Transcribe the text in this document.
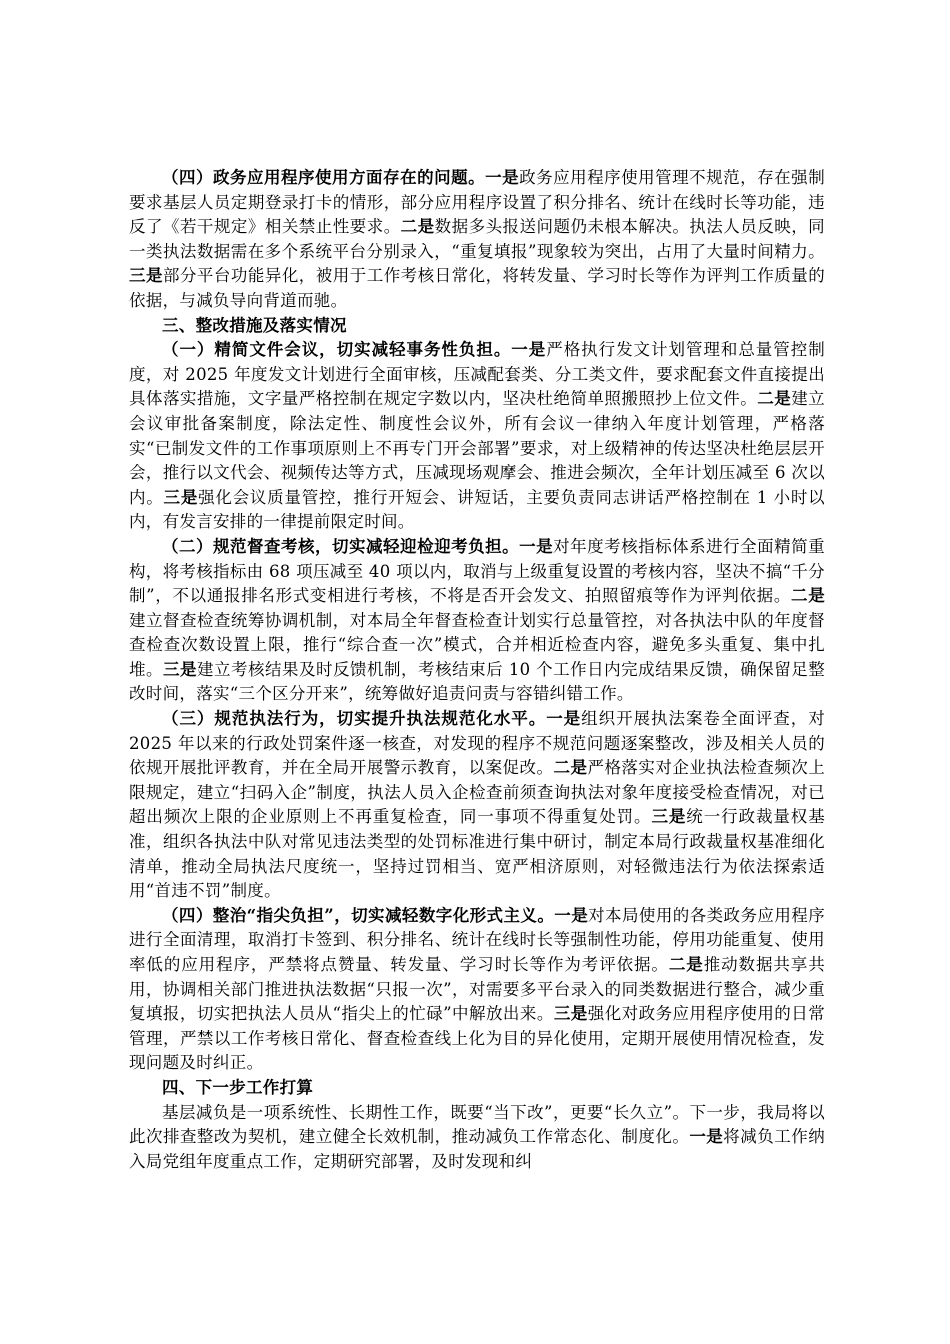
（四）政务应用程序使用方面存在的问题。一是政务应用程序使用管理不规范，存在强制要求基层人员定期登录打卡的情形，部分应用程序设置了积分排名、统计在线时长等功能，违反了《若干规定》相关禁止性要求。二是数据多头报送问题仍未根本解决。执法人员反映，同一类执法数据需在多个系统平台分别录入，“重复填报”现象较为突出，占用了大量时间精力。三是部分平台功能异化，被用于工作考核日常化，将转发量、学习时长等作为评判工作质量的依据，与减负导向背道而驰。

三、整改措施及落实情况

（一）精简文件会议，切实减轻事务性负担。一是严格执行发文计划管理和总量管控制度，对 2025 年度发文计划进行全面审核，压减配套类、分工类文件，要求配套文件直接提出具体落实措施，文字量严格控制在规定字数以内，坚决杜绝简单照搬照抄上位文件。二是建立会议审批备案制度，除法定性、制度性会议外，所有会议一律纳入年度计划管理，严格落实“已制发文件的工作事项原则上不再专门开会部署”要求，对上级精神的传达坚决杜绝层层开会，推行以文代会、视频传达等方式，压减现场观摩会、推进会频次，全年计划压减至 6 次以内。三是强化会议质量管控，推行开短会、讲短话，主要负责同志讲话严格控制在 1 小时以内，有发言安排的一律提前限定时间。

（二）规范督查考核，切实减轻迎检迎考负担。一是对年度考核指标体系进行全面精简重构，将考核指标由 68 项压减至 40 项以内，取消与上级重复设置的考核内容，坚决不搞“千分制”，不以通报排名形式变相进行考核，不将是否开会发文、拍照留痕等作为评判依据。二是建立督查检查统筹协调机制，对本局全年督查检查计划实行总量管控，对各执法中队的年度督查检查次数设置上限，推行“综合查一次”模式，合并相近检查内容，避免多头重复、集中扎堆。三是建立考核结果及时反馈机制，考核结束后 10 个工作日内完成结果反馈，确保留足整改时间，落实“三个区分开来”，统筹做好追责问责与容错纠错工作。

（三）规范执法行为，切实提升执法规范化水平。一是组织开展执法案卷全面评查，对 2025 年以来的行政处罚案件逐一核查，对发现的程序不规范问题逐案整改，涉及相关人员的依规开展批评教育，并在全局开展警示教育，以案促改。二是严格落实对企业执法检查频次上限规定，建立“扫码入企”制度，执法人员入企检查前须查询执法对象年度接受检查情况，对已超出频次上限的企业原则上不再重复检查，同一事项不得重复处罚。三是统一行政裁量权基准，组织各执法中队对常见违法类型的处罚标准进行集中研讨，制定本局行政裁量权基准细化清单，推动全局执法尺度统一，坚持过罚相当、宽严相济原则，对轻微违法行为依法探索适用“首违不罚”制度。

（四）整治“指尖负担”，切实减轻数字化形式主义。一是对本局使用的各类政务应用程序进行全面清理，取消打卡签到、积分排名、统计在线时长等强制性功能，停用功能重复、使用率低的应用程序，严禁将点赞量、转发量、学习时长等作为考评依据。二是推动数据共享共用，协调相关部门推进执法数据“只报一次”，对需要多平台录入的同类数据进行整合，减少重复填报，切实把执法人员从“指尖上的忙碌”中解放出来。三是强化对政务应用程序使用的日常管理，严禁以工作考核日常化、督查检查线上化为目的异化使用，定期开展使用情况检查，发现问题及时纠正。

四、下一步工作打算

基层减负是一项系统性、长期性工作，既要“当下改”，更要“长久立”。下一步，我局将以此次排查整改为契机，建立健全长效机制，推动减负工作常态化、制度化。一是将减负工作纳入局党组年度重点工作，定期研究部署，及时发现和纠
